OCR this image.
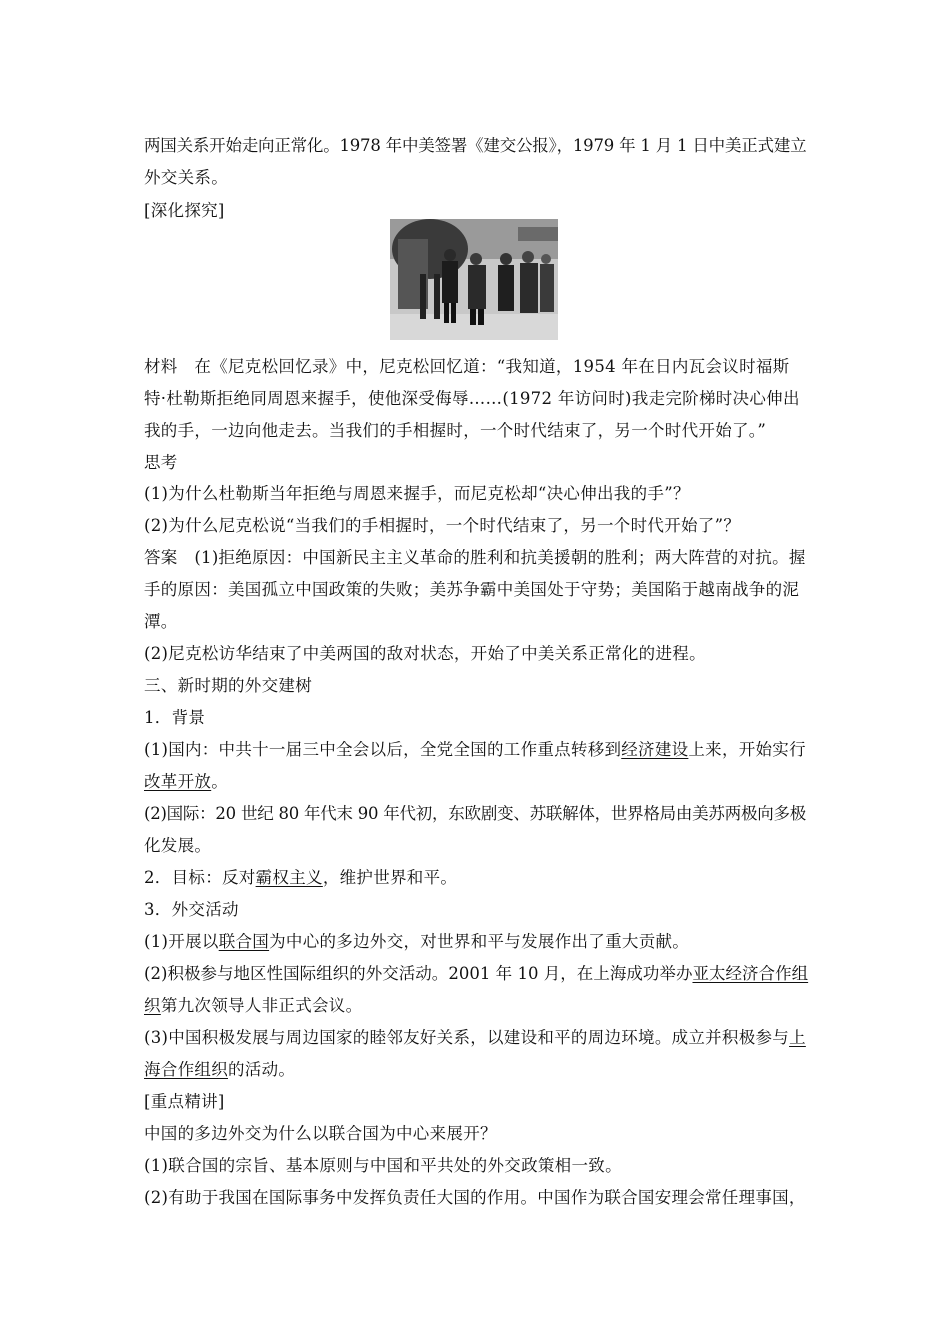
两国关系开始走向正常化。1978 年中美签署《建交公报》，1979 年 1 月 1 日中美正式建立
外交关系。
[深化探究]
材料　在《尼克松回忆录》中，尼克松回忆道：“我知道，1954 年在日内瓦会议时福斯
特·杜勒斯拒绝同周恩来握手，使他深受侮辱……(1972 年访问时)我走完阶梯时决心伸出
我的手，一边向他走去。当我们的手相握时，一个时代结束了，另一个时代开始了。”
思考
(1)为什么杜勒斯当年拒绝与周恩来握手，而尼克松却“决心伸出我的手”？
(2)为什么尼克松说“当我们的手相握时，一个时代结束了，另一个时代开始了”？
答案　(1)拒绝原因：中国新民主主义革命的胜利和抗美援朝的胜利；两大阵营的对抗。握
手的原因：美国孤立中国政策的失败；美苏争霸中美国处于守势；美国陷于越南战争的泥
潭。
(2)尼克松访华结束了中美两国的敌对状态，开始了中美关系正常化的进程。
三、新时期的外交建树
1．背景
(1)国内：中共十一届三中全会以后，全党全国的工作重点转移到经济建设上来，开始实行
改革开放。
(2)国际：20 世纪 80 年代末 90 年代初，东欧剧变、苏联解体，世界格局由美苏两极向多极
化发展。
2．目标：反对霸权主义，维护世界和平。
3．外交活动
(1)开展以联合国为中心的多边外交，对世界和平与发展作出了重大贡献。
(2)积极参与地区性国际组织的外交活动。2001 年 10 月，在上海成功举办亚太经济合作组
织第九次领导人非正式会议。
(3)中国积极发展与周边国家的睦邻友好关系，以建设和平的周边环境。成立并积极参与上
海合作组织的活动。
[重点精讲]
中国的多边外交为什么以联合国为中心来展开？
(1)联合国的宗旨、基本原则与中国和平共处的外交政策相一致。
(2)有助于我国在国际事务中发挥负责任大国的作用。中国作为联合国安理会常任理事国，
